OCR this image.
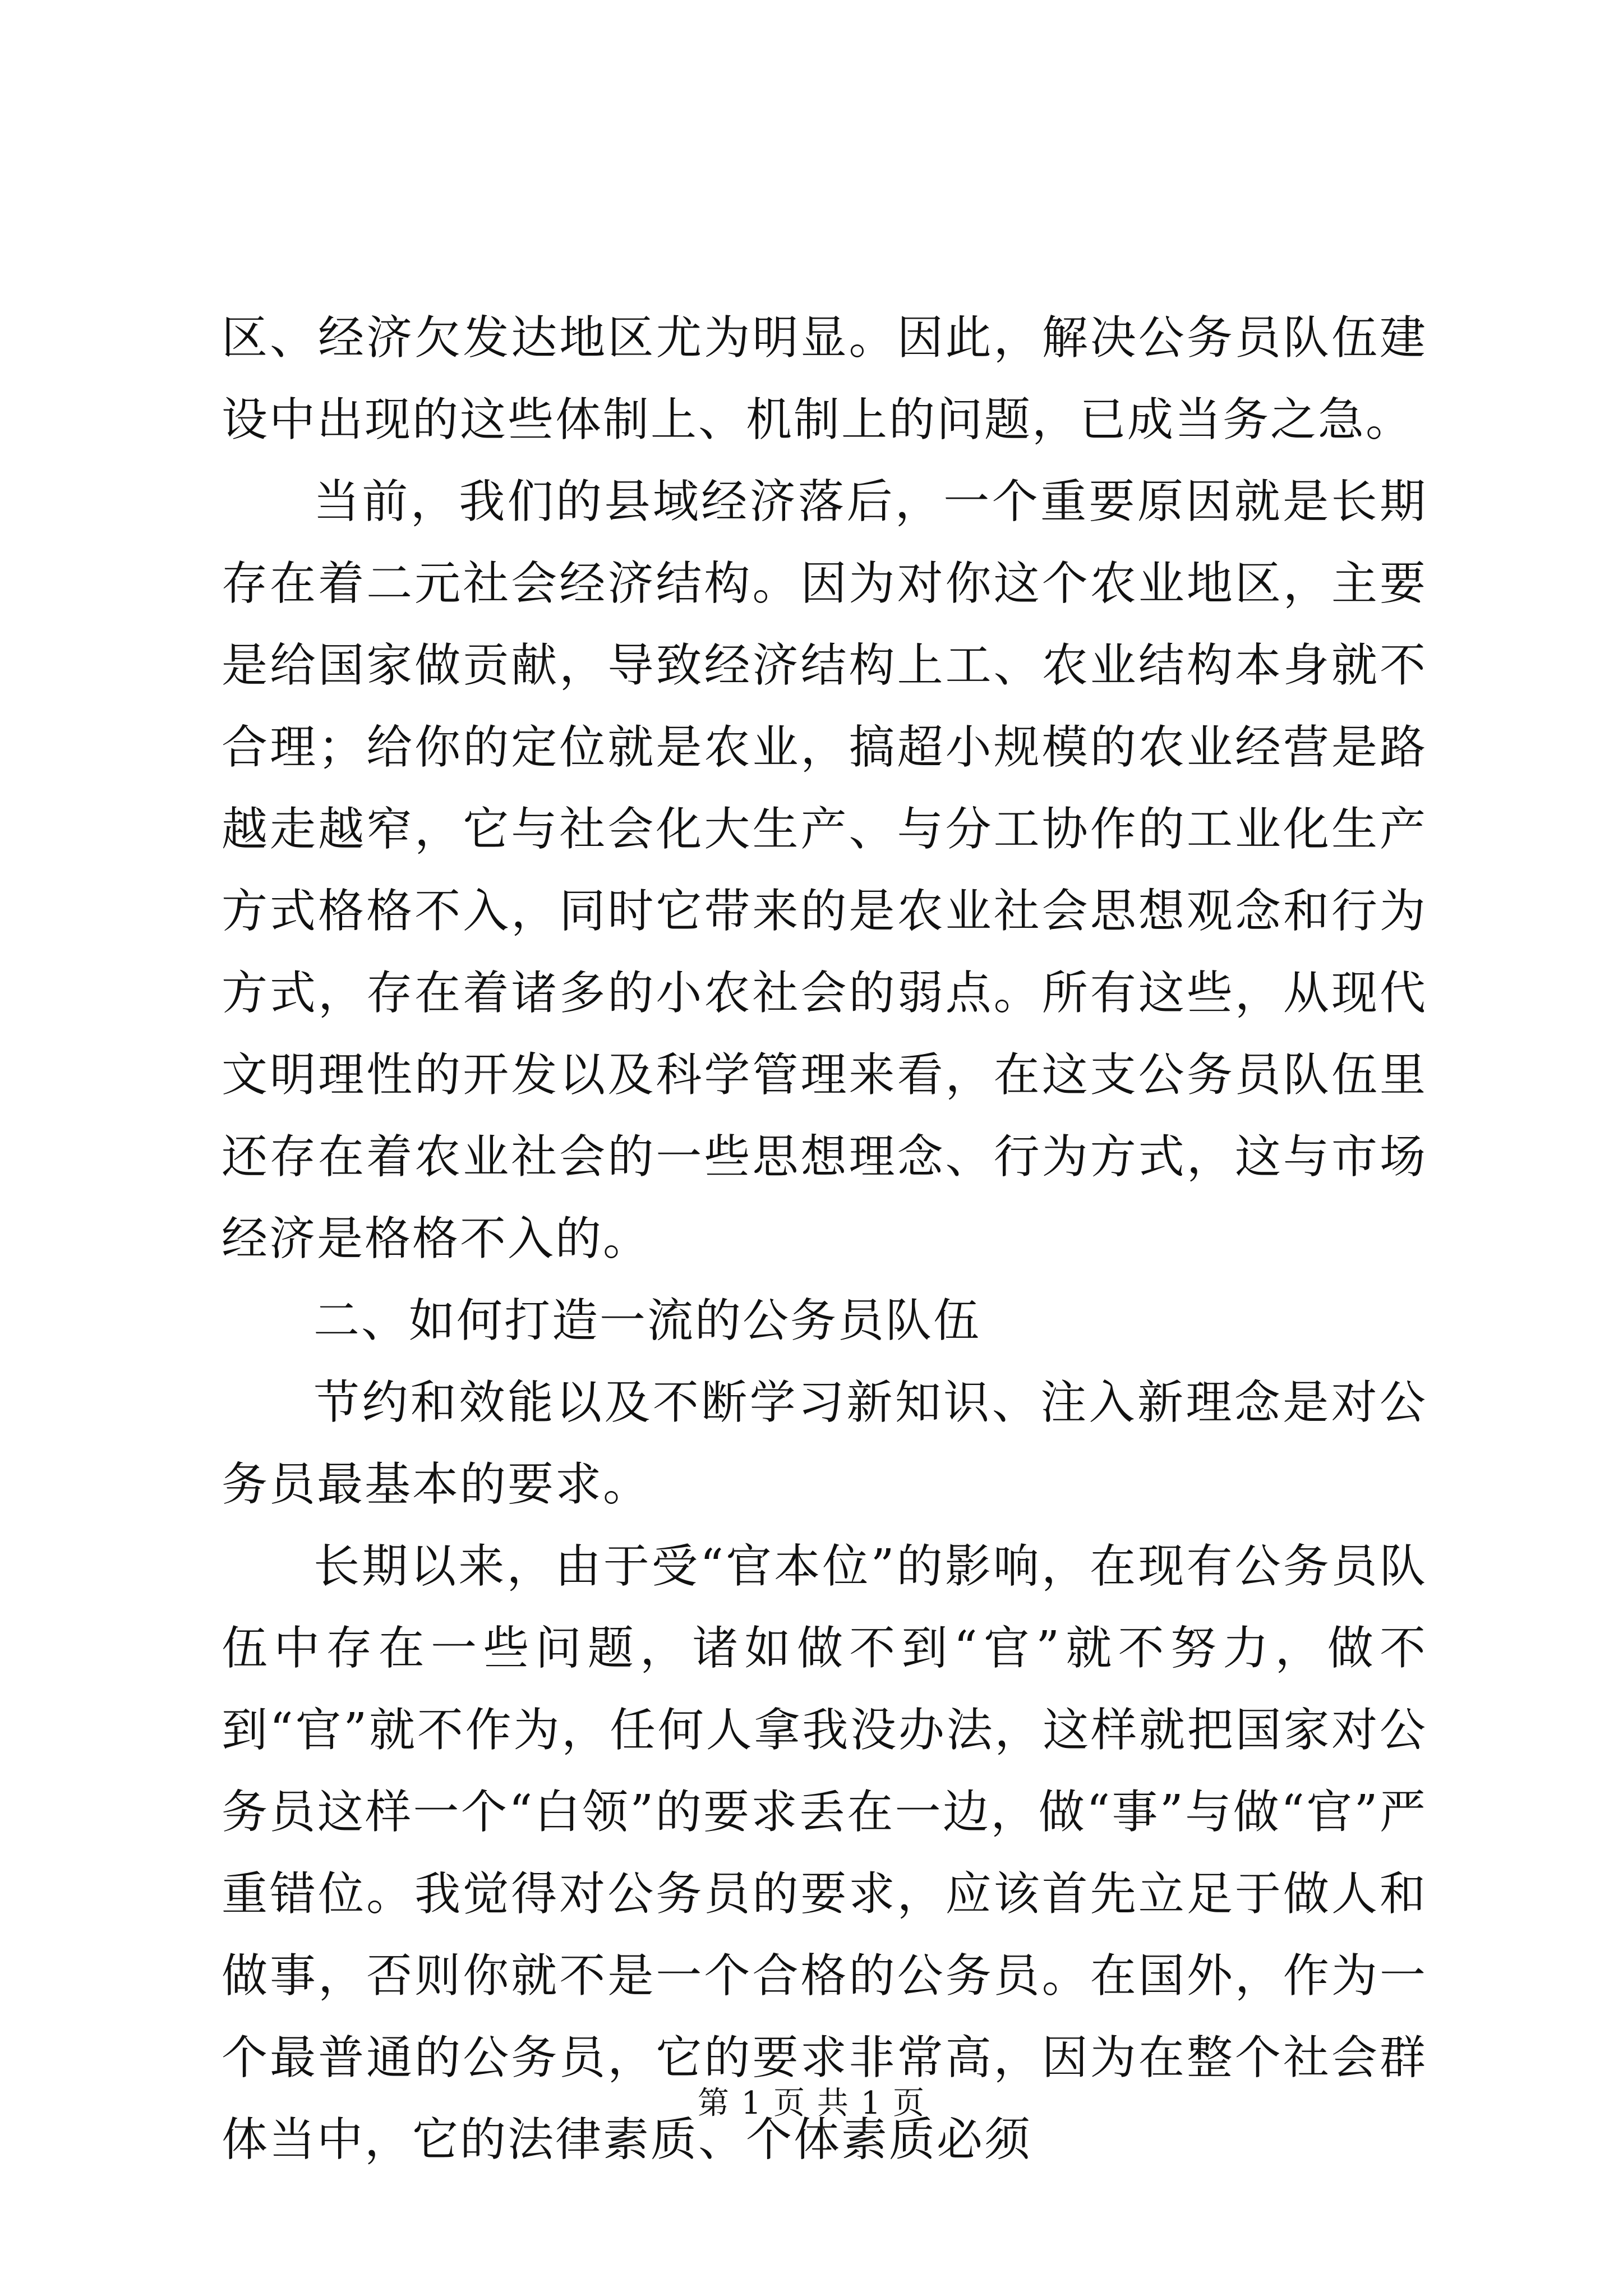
区、经济欠发达地区尤为明显。因此，解决公务员队伍建设中出现的这些体制上、机制上的问题，已成当务之急。

当前，我们的县域经济落后，一个重要原因就是长期存在着二元社会经济结构。因为对你这个农业地区，主要是给国家做贡献，导致经济结构上工、农业结构本身就不合理；给你的定位就是农业，搞超小规模的农业经营是路越走越窄，它与社会化大生产、与分工协作的工业化生产方式格格不入，同时它带来的是农业社会思想观念和行为方式，存在着诸多的小农社会的弱点。所有这些，从现代文明理性的开发以及科学管理来看，在这支公务员队伍里还存在着农业社会的一些思想理念、行为方式，这与市场经济是格格不入的。

二、如何打造一流的公务员队伍

节约和效能以及不断学习新知识、注入新理念是对公务员最基本的要求。

长期以来，由于受“官本位”的影响，在现有公务员队伍中存在一些问题，诸如做不到“官”就不努力，做不到“官”就不作为，任何人拿我没办法，这样就把国家对公务员这样一个“白领”的要求丢在一边，做“事”与做“官”严重错位。我觉得对公务员的要求，应该首先立足于做人和做事，否则你就不是一个合格的公务员。在国外，作为一个最普通的公务员，它的要求非常高，因为在整个社会群体当中，它的法律素质、个体素质必须

第 1 页 共 1 页
